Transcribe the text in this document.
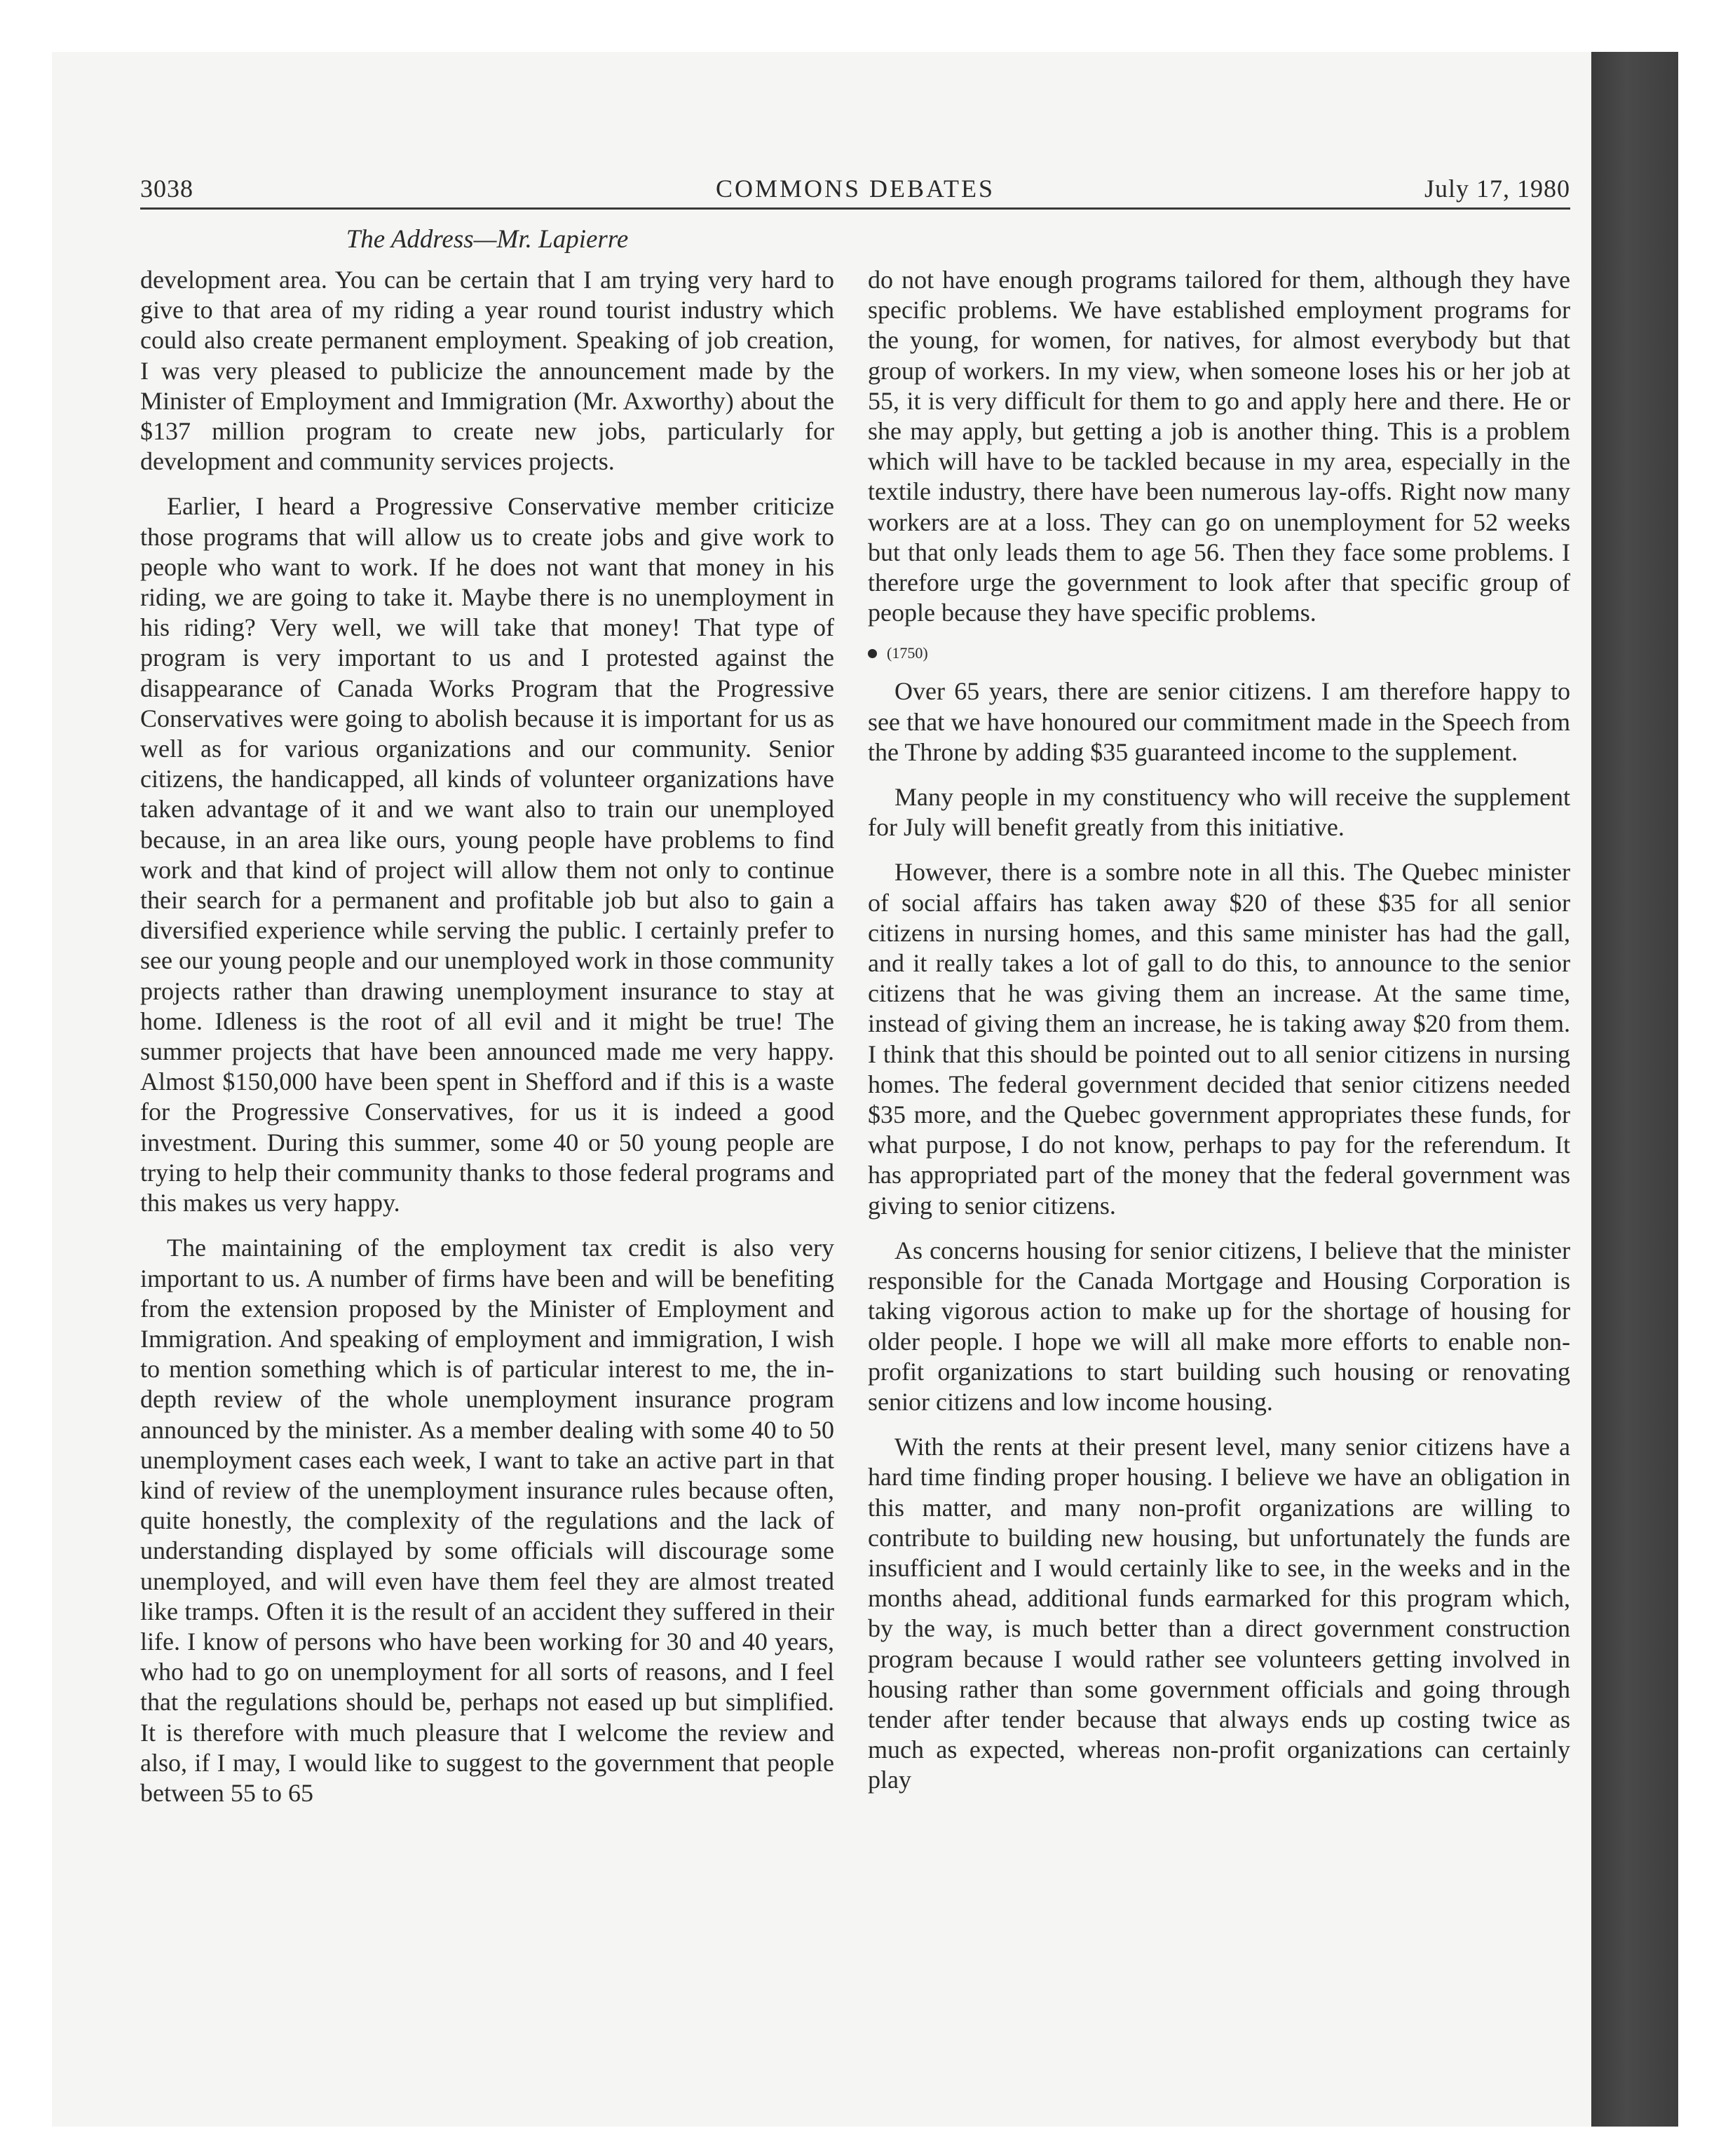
3038	COMMONS DEBATES	July 17, 1980
The Address—Mr. Lapierre

development area. You can be certain that I am trying very hard to give to that area of my riding a year round tourist industry which could also create permanent employment. Speaking of job creation, I was very pleased to publicize the announcement made by the Minister of Employment and Immigration (Mr. Axworthy) about the $137 million program to create new jobs, particularly for development and community services projects.

Earlier, I heard a Progressive Conservative member criticize those programs that will allow us to create jobs and give work to people who want to work. If he does not want that money in his riding, we are going to take it. Maybe there is no unemployment in his riding? Very well, we will take that money! That type of program is very important to us and I protested against the disappearance of Canada Works Program that the Progressive Conservatives were going to abolish because it is important for us as well as for various organizations and our community. Senior citizens, the handicapped, all kinds of volunteer organizations have taken advantage of it and we want also to train our unemployed because, in an area like ours, young people have problems to find work and that kind of project will allow them not only to continue their search for a permanent and profitable job but also to gain a diversified experience while serving the public. I certainly prefer to see our young people and our unemployed work in those community projects rather than drawing unemployment insurance to stay at home. Idleness is the root of all evil and it might be true! The summer projects that have been announced made me very happy. Almost $150,000 have been spent in Shefford and if this is a waste for the Progressive Conservatives, for us it is indeed a good investment. During this summer, some 40 or 50 young people are trying to help their community thanks to those federal programs and this makes us very happy.

The maintaining of the employment tax credit is also very important to us. A number of firms have been and will be benefiting from the extension proposed by the Minister of Employment and Immigration. And speaking of employment and immigration, I wish to mention something which is of particular interest to me, the in-depth review of the whole unemployment insurance program announced by the minister. As a member dealing with some 40 to 50 unemployment cases each week, I want to take an active part in that kind of review of the unemployment insurance rules because often, quite honestly, the complexity of the regulations and the lack of understanding displayed by some officials will discourage some unemployed, and will even have them feel they are almost treated like tramps. Often it is the result of an accident they suffered in their life. I know of persons who have been working for 30 and 40 years, who had to go on unemployment for all sorts of reasons, and I feel that the regulations should be, perhaps not eased up but simplified. It is therefore with much pleasure that I welcome the review and also, if I may, I would like to suggest to the government that people between 55 to 65

do not have enough programs tailored for them, although they have specific problems. We have established employment programs for the young, for women, for natives, for almost everybody but that group of workers. In my view, when someone loses his or her job at 55, it is very difficult for them to go and apply here and there. He or she may apply, but getting a job is another thing. This is a problem which will have to be tackled because in my area, especially in the textile industry, there have been numerous lay-offs. Right now many workers are at a loss. They can go on unemployment for 52 weeks but that only leads them to age 56. Then they face some problems. I therefore urge the government to look after that specific group of people because they have specific problems.

(1750)

Over 65 years, there are senior citizens. I am therefore happy to see that we have honoured our commitment made in the Speech from the Throne by adding $35 guaranteed income to the supplement.

Many people in my constituency who will receive the supplement for July will benefit greatly from this initiative.

However, there is a sombre note in all this. The Quebec minister of social affairs has taken away $20 of these $35 for all senior citizens in nursing homes, and this same minister has had the gall, and it really takes a lot of gall to do this, to announce to the senior citizens that he was giving them an increase. At the same time, instead of giving them an increase, he is taking away $20 from them. I think that this should be pointed out to all senior citizens in nursing homes. The federal government decided that senior citizens needed $35 more, and the Quebec government appropriates these funds, for what purpose, I do not know, perhaps to pay for the referendum. It has appropriated part of the money that the federal government was giving to senior citizens.

As concerns housing for senior citizens, I believe that the minister responsible for the Canada Mortgage and Housing Corporation is taking vigorous action to make up for the shortage of housing for older people. I hope we will all make more efforts to enable non-profit organizations to start building such housing or renovating senior citizens and low income housing.

With the rents at their present level, many senior citizens have a hard time finding proper housing. I believe we have an obligation in this matter, and many non-profit organizations are willing to contribute to building new housing, but unfortunately the funds are insufficient and I would certainly like to see, in the weeks and in the months ahead, additional funds earmarked for this program which, by the way, is much better than a direct government construction program because I would rather see volunteers getting involved in housing rather than some government officials and going through tender after tender because that always ends up costing twice as much as expected, whereas non-profit organizations can certainly play
